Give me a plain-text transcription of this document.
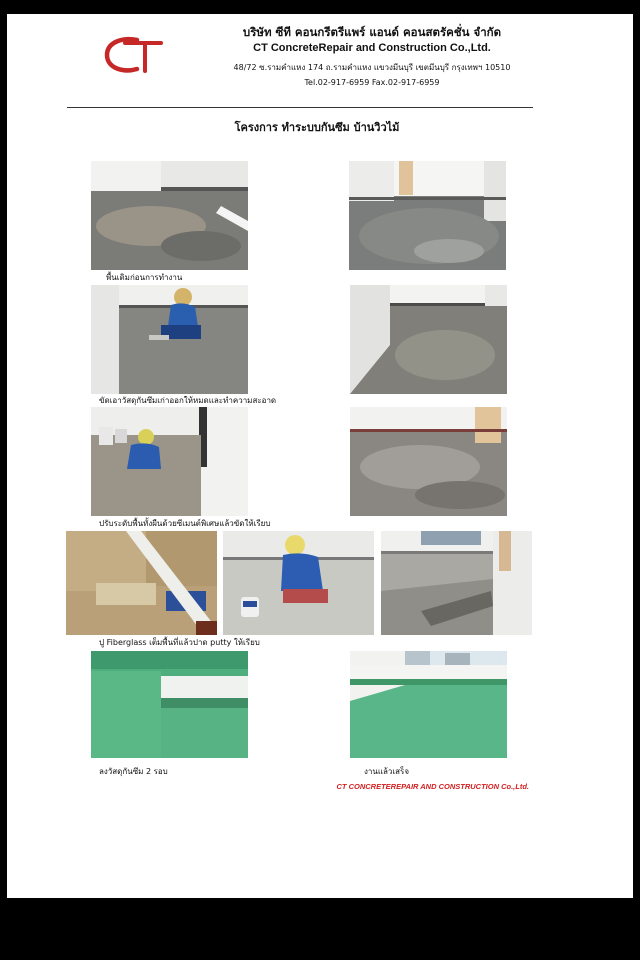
บริษัท ซีที คอนกรีตรีแพร์ แอนด์ คอนสตรัคชั่น จำกัด
CT ConcreteRepair and Construction Co.,Ltd.
48/72 ซ.รามคำแหง 174 ถ.รามคำแหง แขวงมีนบุรี เขตมีนบุรี กรุงเทพฯ 10510
Tel.02-917-6959 Fax.02-917-6959
โครงการ ทำระบบกันซึม บ้านวิวไม้
พื้นเดิมก่อนการทำงาน
ขัดเอาวัสดุกันซึมเก่าออกให้หมดและทำความสะอาด
ปรับระดับพื้นทั้งผืนด้วยซีเมนต์พิเศษแล้วขัดให้เรียบ
ปู Fiberglass เต็มพื้นที่แล้วปาด putty ให้เรียบ
ลงวัสดุกันซึม 2 รอบ	งานแล้วเสร็จ
CT CONCRETEREPAIR AND CONSTRUCTION Co.,Ltd.
